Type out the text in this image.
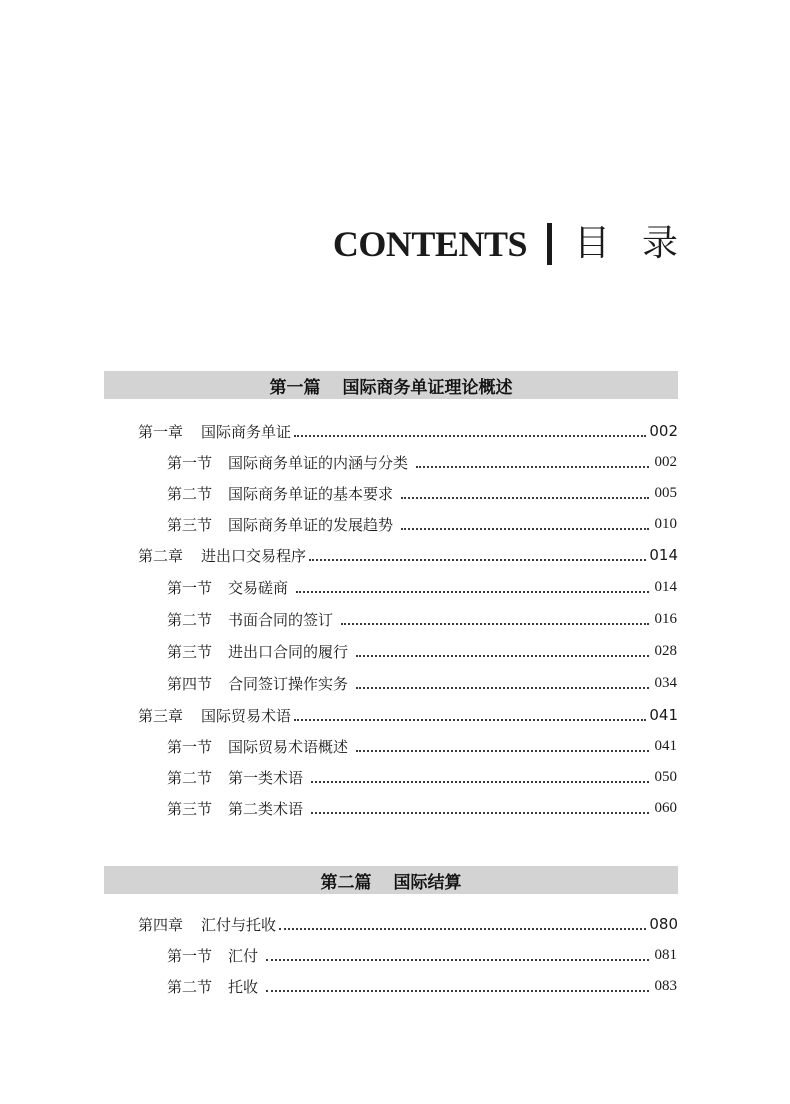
CONTENTS 目录
第一篇 国际商务单证理论概述
第一章 国际商务单证	002
第一节 国际商务单证的内涵与分类	002
第二节 国际商务单证的基本要求	005
第三节 国际商务单证的发展趋势	010
第二章 进出口交易程序	014
第一节 交易磋商	014
第二节 书面合同的签订	016
第三节 进出口合同的履行	028
第四节 合同签订操作实务	034
第三章 国际贸易术语	041
第一节 国际贸易术语概述	041
第二节 第一类术语	050
第三节 第二类术语	060
第二篇 国际结算
第四章 汇付与托收	080
第一节 汇付	081
第二节 托收	083
